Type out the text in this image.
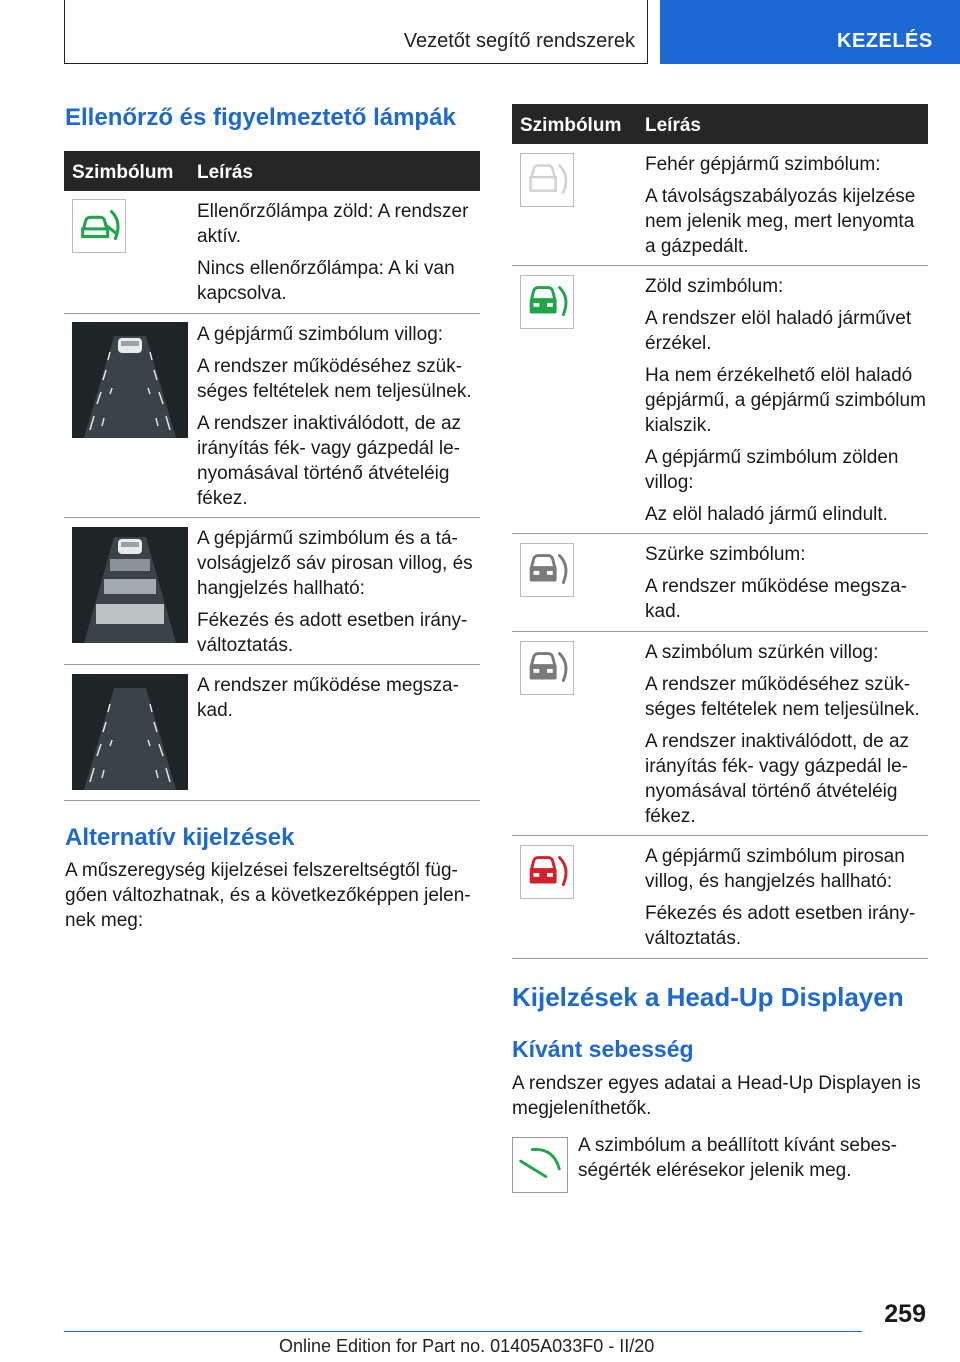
Vezetőt segítő rendszerek	KEZELÉS
Ellenőrző és figyelmeztető lámpák
Szimbólum Leírás

Ellenőrzőlámpa zöld: A rendszer aktív.

Nincs ellenőrzőlámpa: A ki van kapcsolva.

A gépjármű szimbólum villog:

A rendszer működéséhez szükséges feltételek nem teljesülnek.

A rendszer inaktiválódott, de az irányítás fék- vagy gázpedál lenyomásával történő átvételéig fékez.

A gépjármű szimbólum és a távolságjelző sáv pirosan villog, és hangjelzés hallható:

Fékezés és adott esetben irányváltoztatás.

A rendszer működése megszakad.

Alternatív kijelzések

A műszeregység kijelzései felszereltségtől függően változhatnak, és a következőképpen jelennek meg:

Szimbólum Leírás

Fehér gépjármű szimbólum:

A távolságszabályozás kijelzése nem jelenik meg, mert lenyomta a gázpedált.

Zöld szimbólum:

A rendszer elöl haladó járművet érzékel.

Ha nem érzékelhető elöl haladó gépjármű, a gépjármű szimbólum kialszik.

A gépjármű szimbólum zölden villog:

Az elöl haladó jármű elindult.

Szürke szimbólum:

A rendszer működése megszakad.

A szimbólum szürkén villog:

A rendszer működéséhez szükséges feltételek nem teljesülnek.

A rendszer inaktiválódott, de az irányítás fék- vagy gázpedál lenyomásával történő átvételéig fékez.

A gépjármű szimbólum pirosan villog, és hangjelzés hallható:

Fékezés és adott esetben irányváltoztatás.

Kijelzések a Head-Up Displayen
Kívánt sebesség

A rendszer egyes adatai a Head-Up Displayen is megjeleníthetők.

A szimbólum a beállított kívánt sebességérték elérésekor jelenik meg.

259
Online Edition for Part no. 01405A033F0 - II/20
